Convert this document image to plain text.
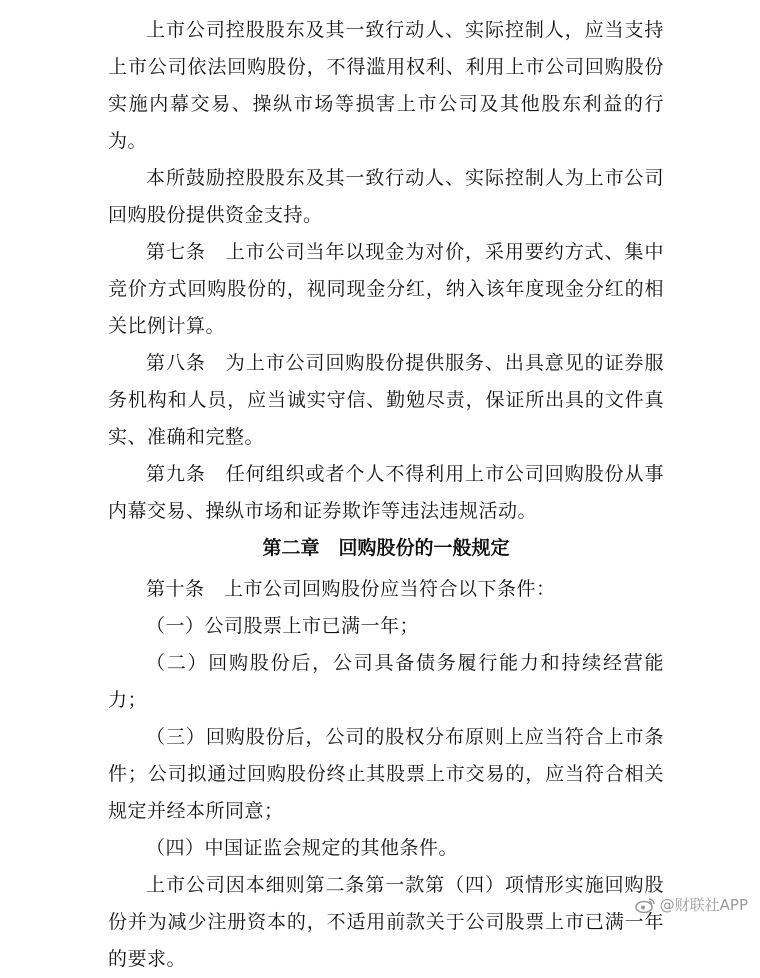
上市公司控股股东及其一致行动人、实际控制人，应当支持上市公司依法回购股份，不得滥用权利、利用上市公司回购股份实施内幕交易、操纵市场等损害上市公司及其他股东利益的行为。

本所鼓励控股股东及其一致行动人、实际控制人为上市公司回购股份提供资金支持。

第七条　上市公司当年以现金为对价，采用要约方式、集中竞价方式回购股份的，视同现金分红，纳入该年度现金分红的相关比例计算。

第八条　为上市公司回购股份提供服务、出具意见的证券服务机构和人员，应当诚实守信、勤勉尽责，保证所出具的文件真实、准确和完整。

第九条　任何组织或者个人不得利用上市公司回购股份从事内幕交易、操纵市场和证券欺诈等违法违规活动。

第二章　回购股份的一般规定

第十条　上市公司回购股份应当符合以下条件：

（一）公司股票上市已满一年；

（二）回购股份后，公司具备债务履行能力和持续经营能力；

（三）回购股份后，公司的股权分布原则上应当符合上市条件；公司拟通过回购股份终止其股票上市交易的，应当符合相关规定并经本所同意；

（四）中国证监会规定的其他条件。

上市公司因本细则第二条第一款第（四）项情形实施回购股份并为减少注册资本的，不适用前款关于公司股票上市已满一年的要求。

@财联社APP
